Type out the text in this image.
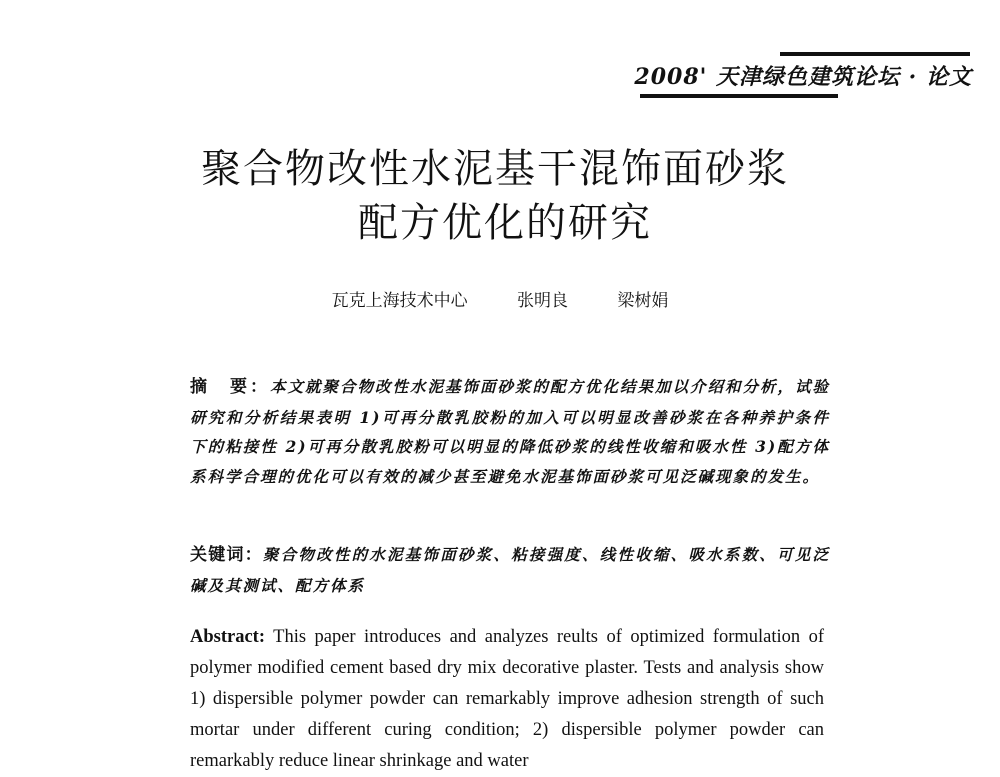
2008' 天津绿色建筑论坛 · 论文
聚合物改性水泥基干混饰面砂浆
配方优化的研究
瓦克上海技术中心	张明良	梁树娟
摘　要：本文就聚合物改性水泥基饰面砂浆的配方优化结果加以介绍和分析，试验研究和分析结果表明 1)可再分散乳胶粉的加入可以明显改善砂浆在各种养护条件下的粘接性 2)可再分散乳胶粉可以明显的降低砂浆的线性收缩和吸水性 3)配方体系科学合理的优化可以有效的减少甚至避免水泥基饰面砂浆可见泛碱现象的发生。
关键词：聚合物改性的水泥基饰面砂浆、粘接强度、线性收缩、吸水系数、可见泛碱及其测试、配方体系
Abstract: This paper introduces and analyzes reults of optimized formulation of polymer modified cement based dry mix decorative plaster. Tests and analysis show 1) dispersible polymer powder can remarkably improve adhesion strength of such mortar under different curing condition; 2) dispersible polymer powder can remarkably reduce linear shrinkage and water
